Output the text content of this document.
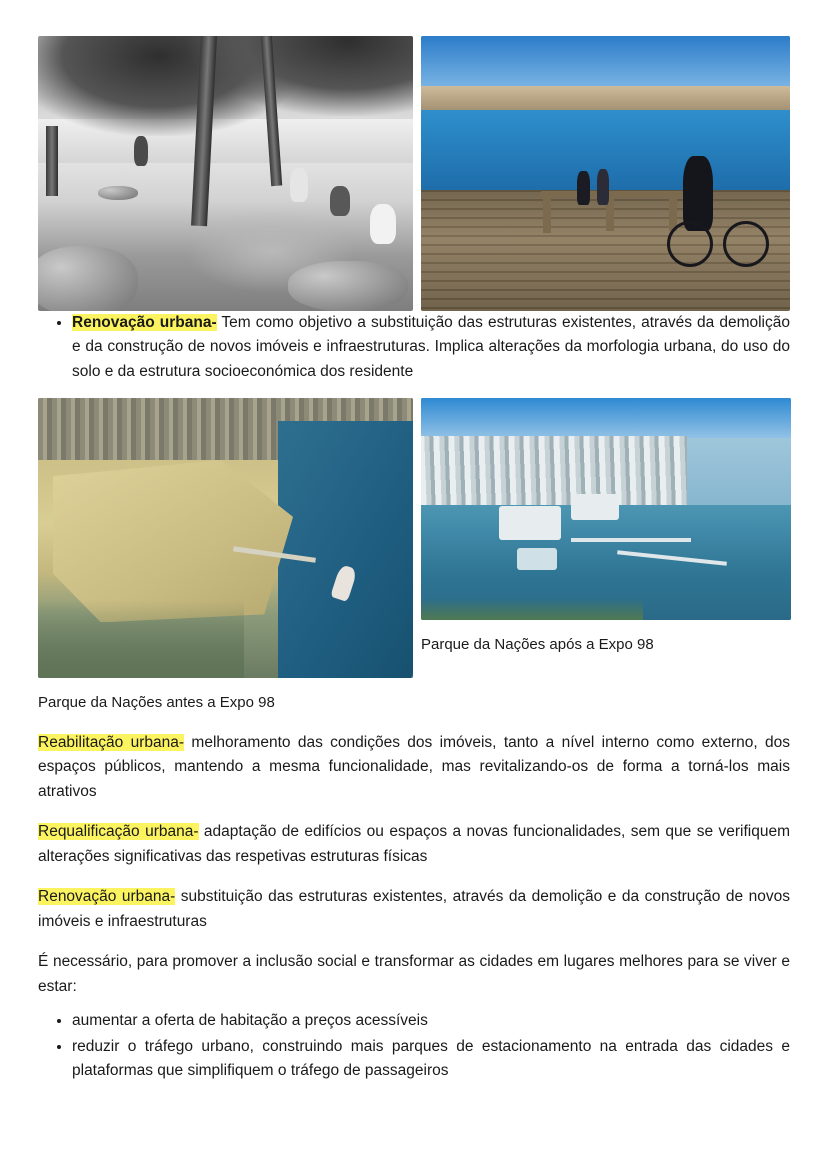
• Renovação urbana- Tem como objetivo a substituição das estruturas existentes, através da demolição e da construção de novos imóveis e infraestruturas. Implica alterações da morfologia urbana, do uso do solo e da estrutura socioeconómica dos residente

Parque da Nações antes a Expo 98
Parque da Nações após a Expo 98

Reabilitação urbana- melhoramento das condições dos imóveis, tanto a nível interno como externo, dos espaços públicos, mantendo a mesma funcionalidade, mas revitalizando-os de forma a torná-los mais atrativos

Requalificação urbana- adaptação de edifícios ou espaços a novas funcionalidades, sem que se verifiquem alterações significativas das respetivas estruturas físicas

Renovação urbana- substituição das estruturas existentes, através da demolição e da construção de novos imóveis e infraestruturas

É necessário, para promover a inclusão social e transformar as cidades em lugares melhores para se viver e estar:

• aumentar a oferta de habitação a preços acessíveis
• reduzir o tráfego urbano, construindo mais parques de estacionamento na entrada das cidades e plataformas que simplifiquem o tráfego de passageiros
